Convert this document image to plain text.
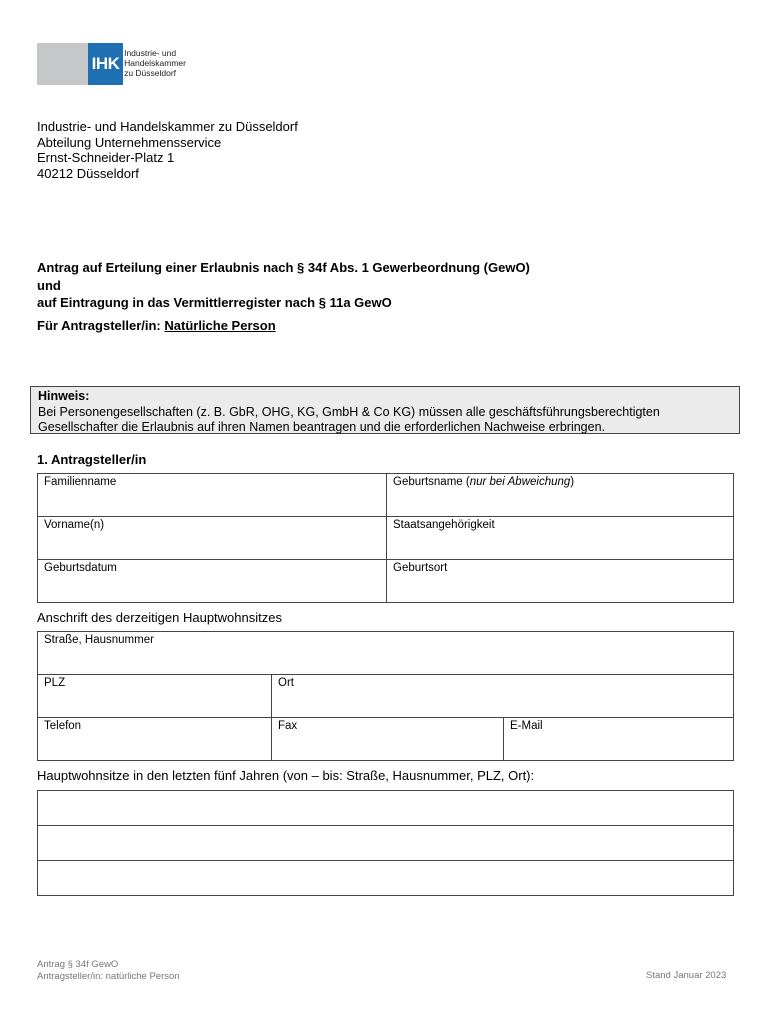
IHK
Industrie- und Handelskammer
zu Düsseldorf
Industrie- und Handelskammer zu Düsseldorf
Abteilung Unternehmensservice
Ernst-Schneider-Platz 1
40212 Düsseldorf
Antrag auf Erteilung einer Erlaubnis nach § 34f Abs. 1 Gewerbeordnung (GewO)
und
auf Eintragung in das Vermittlerregister nach § 11a GewO
Für Antragsteller/in: Natürliche Person
Hinweis:
Bei Personengesellschaften (z. B. GbR, OHG, KG, GmbH & Co KG) müssen alle geschäftsführungsberechtigten Gesellschafter die Erlaubnis auf ihren Namen beantragen und die erforderlichen Nachweise erbringen.
1. Antragsteller/in
Familienname	Geburtsname (nur bei Abweichung)
Vorname(n)	Staatsangehörigkeit
Geburtsdatum	Geburtsort
Anschrift des derzeitigen Hauptwohnsitzes
Straße, Hausnummer		
PLZ	Ort	
Telefon	Fax	E-Mail
Hauptwohnsitze in den letzten fünf Jahren (von – bis: Straße, Hausnummer, PLZ, Ort):

Antrag § 34f GewO
Antragsteller/in: natürliche Person	Stand Januar 2023
